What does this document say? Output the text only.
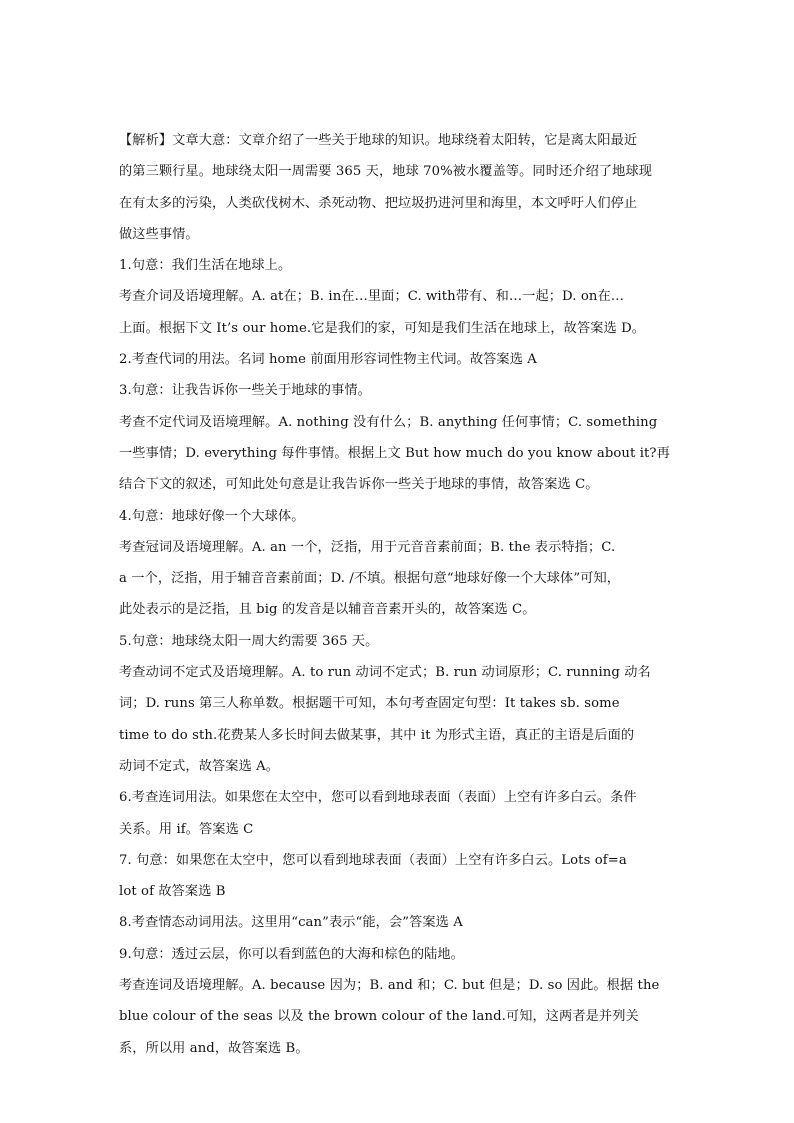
【解析】文章大意：文章介绍了一些关于地球的知识。地球绕着太阳转，它是离太阳最近
的第三颗行星。地球绕太阳一周需要 365 天，地球 70%被水覆盖等。同时还介绍了地球现
在有太多的污染，人类砍伐树木、杀死动物、把垃圾扔进河里和海里，本文呼吁人们停止
做这些事情。
1.句意：我们生活在地球上。
考查介词及语境理解。A. at在；B. in在…里面；C. with带有、和…一起；D. on在…
上面。根据下文 It’s our home.它是我们的家，可知是我们生活在地球上，故答案选 D。
2.考查代词的用法。名词 home 前面用形容词性物主代词。故答案选 A
3.句意：让我告诉你一些关于地球的事情。
考查不定代词及语境理解。A. nothing 没有什么；B. anything 任何事情；C. something
一些事情；D. everything 每件事情。根据上文 But how much do you know about it?再
结合下文的叙述，可知此处句意是让我告诉你一些关于地球的事情，故答案选 C。
4.句意：地球好像一个大球体。
考查冠词及语境理解。A. an 一个，泛指，用于元音音素前面；B. the 表示特指；C.
a 一个，泛指，用于辅音音素前面；D. /不填。根据句意“地球好像一个大球体”可知，
此处表示的是泛指，且 big 的发音是以辅音音素开头的，故答案选 C。
5.句意：地球绕太阳一周大约需要 365 天。
考查动词不定式及语境理解。A. to run 动词不定式；B. run 动词原形；C. running 动名
词；D. runs 第三人称单数。根据题干可知，本句考查固定句型：It takes sb. some
time to do sth.花费某人多长时间去做某事，其中 it 为形式主语，真正的主语是后面的
动词不定式，故答案选 A。
6.考查连词用法。如果您在太空中，您可以看到地球表面（表面）上空有许多白云。条件
关系。用 if。答案选 C
7. 句意：如果您在太空中，您可以看到地球表面（表面）上空有许多白云。Lots of=a
lot of 故答案选 B
8.考查情态动词用法。这里用“can”表示“能，会”答案选 A
9.句意：透过云层，你可以看到蓝色的大海和棕色的陆地。
考查连词及语境理解。A. because 因为；B. and 和；C. but 但是；D. so 因此。根据 the
blue colour of the seas 以及 the brown colour of the land.可知，这两者是并列关
系，所以用 and，故答案选 B。
